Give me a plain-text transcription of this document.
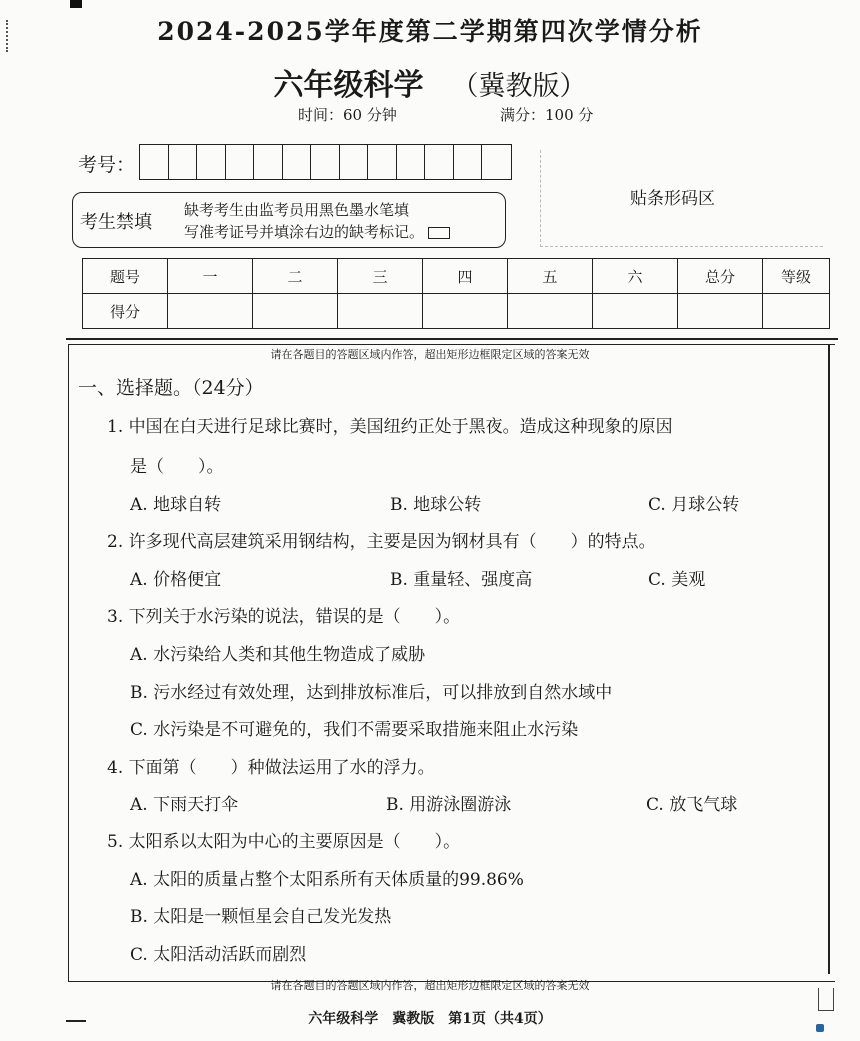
2024-2025学年度第二学期第四次学情分析
六年级科学 （冀教版）
时间：60 分钟	满分：100 分
考号：
考生禁填
缺考考生由监考员用黑色墨水笔填
写准考证号并填涂右边的缺考标记。
贴条形码区
题号	一	二	三	四	五	六	总分	等级
得分								
请在各题目的答题区域内作答，超出矩形边框限定区域的答案无效
一、选择题。（24分）
1. 中国在白天进行足球比赛时，美国纽约正处于黑夜。造成这种现象的原因
是（　　）。
A. 地球自转	B. 地球公转	C. 月球公转
2. 许多现代高层建筑采用钢结构，主要是因为钢材具有（　　）的特点。
A. 价格便宜	B. 重量轻、强度高	C. 美观
3. 下列关于水污染的说法，错误的是（　　）。
A. 水污染给人类和其他生物造成了威胁
B. 污水经过有效处理，达到排放标准后，可以排放到自然水域中
C. 水污染是不可避免的，我们不需要采取措施来阻止水污染
4. 下面第（　　）种做法运用了水的浮力。
A. 下雨天打伞	B. 用游泳圈游泳	C. 放飞气球
5. 太阳系以太阳为中心的主要原因是（　　）。
A. 太阳的质量占整个太阳系所有天体质量的99.86%
B. 太阳是一颗恒星会自己发光发热
C. 太阳活动活跃而剧烈
请在各题目的答题区域内作答，超出矩形边框限定区域的答案无效
六年级科学　冀教版　第1页（共4页）
